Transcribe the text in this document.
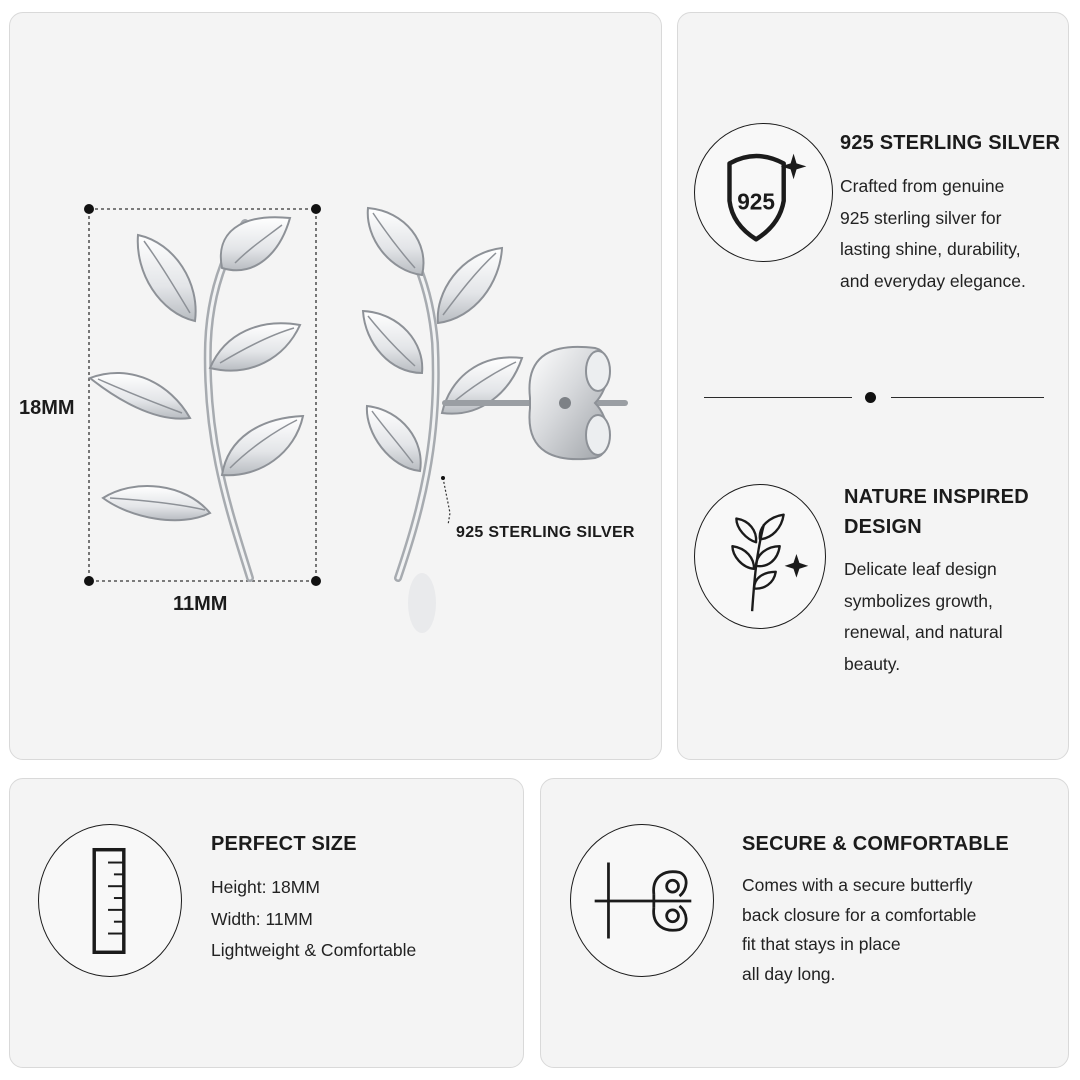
18MM
11MM
925 STERLING SILVER
925
925 STERLING SILVER
Crafted from genuine
925 sterling silver for
lasting shine, durability,
and everyday elegance.
NATURE INSPIRED
DESIGN
Delicate leaf design
symbolizes growth,
renewal, and natural
beauty.
PERFECT SIZE
Height: 18MM
Width: 11MM
Lightweight & Comfortable
SECURE & COMFORTABLE
Comes with a secure butterfly
back closure for a comfortable
fit that stays in place
all day long.
